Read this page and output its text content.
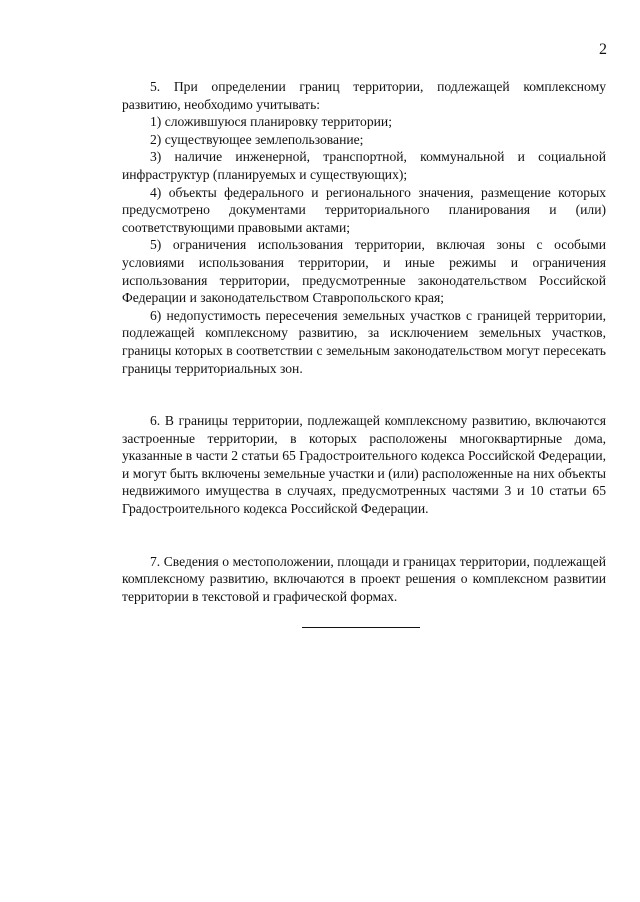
2

5. При определении границ территории, подлежащей комплексному развитию, необходимо учитывать:

1) сложившуюся планировку территории;

2) существующее землепользование;

3) наличие инженерной, транспортной, коммунальной и социальной инфраструктур (планируемых и существующих);

4) объекты федерального и регионального значения, размещение которых предусмотрено документами территориального планирования и (или) соответствующими правовыми актами;

5) ограничения использования территории, включая зоны с особыми условиями использования территории, и иные режимы и ограничения использования территории, предусмотренные законодательством Российской Федерации и законодательством Ставропольского края;

6) недопустимость пересечения земельных участков с границей территории, подлежащей комплексному развитию, за исключением земельных участков, границы которых в соответствии с земельным законодательством могут пересекать границы территориальных зон.

6. В границы территории, подлежащей комплексному развитию, включаются застроенные территории, в которых расположены многоквартирные дома, указанные в части 2 статьи 65 Градостроительного кодекса Российской Федерации, и могут быть включены земельные участки и (или) расположенные на них объекты недвижимого имущества в случаях, предусмотренных частями 3 и 10 статьи 65 Градостроительного кодекса Российской Федерации.

7. Сведения о местоположении, площади и границах территории, подлежащей комплексному развитию, включаются в проект решения о комплексном развитии территории в текстовой и графической формах.
